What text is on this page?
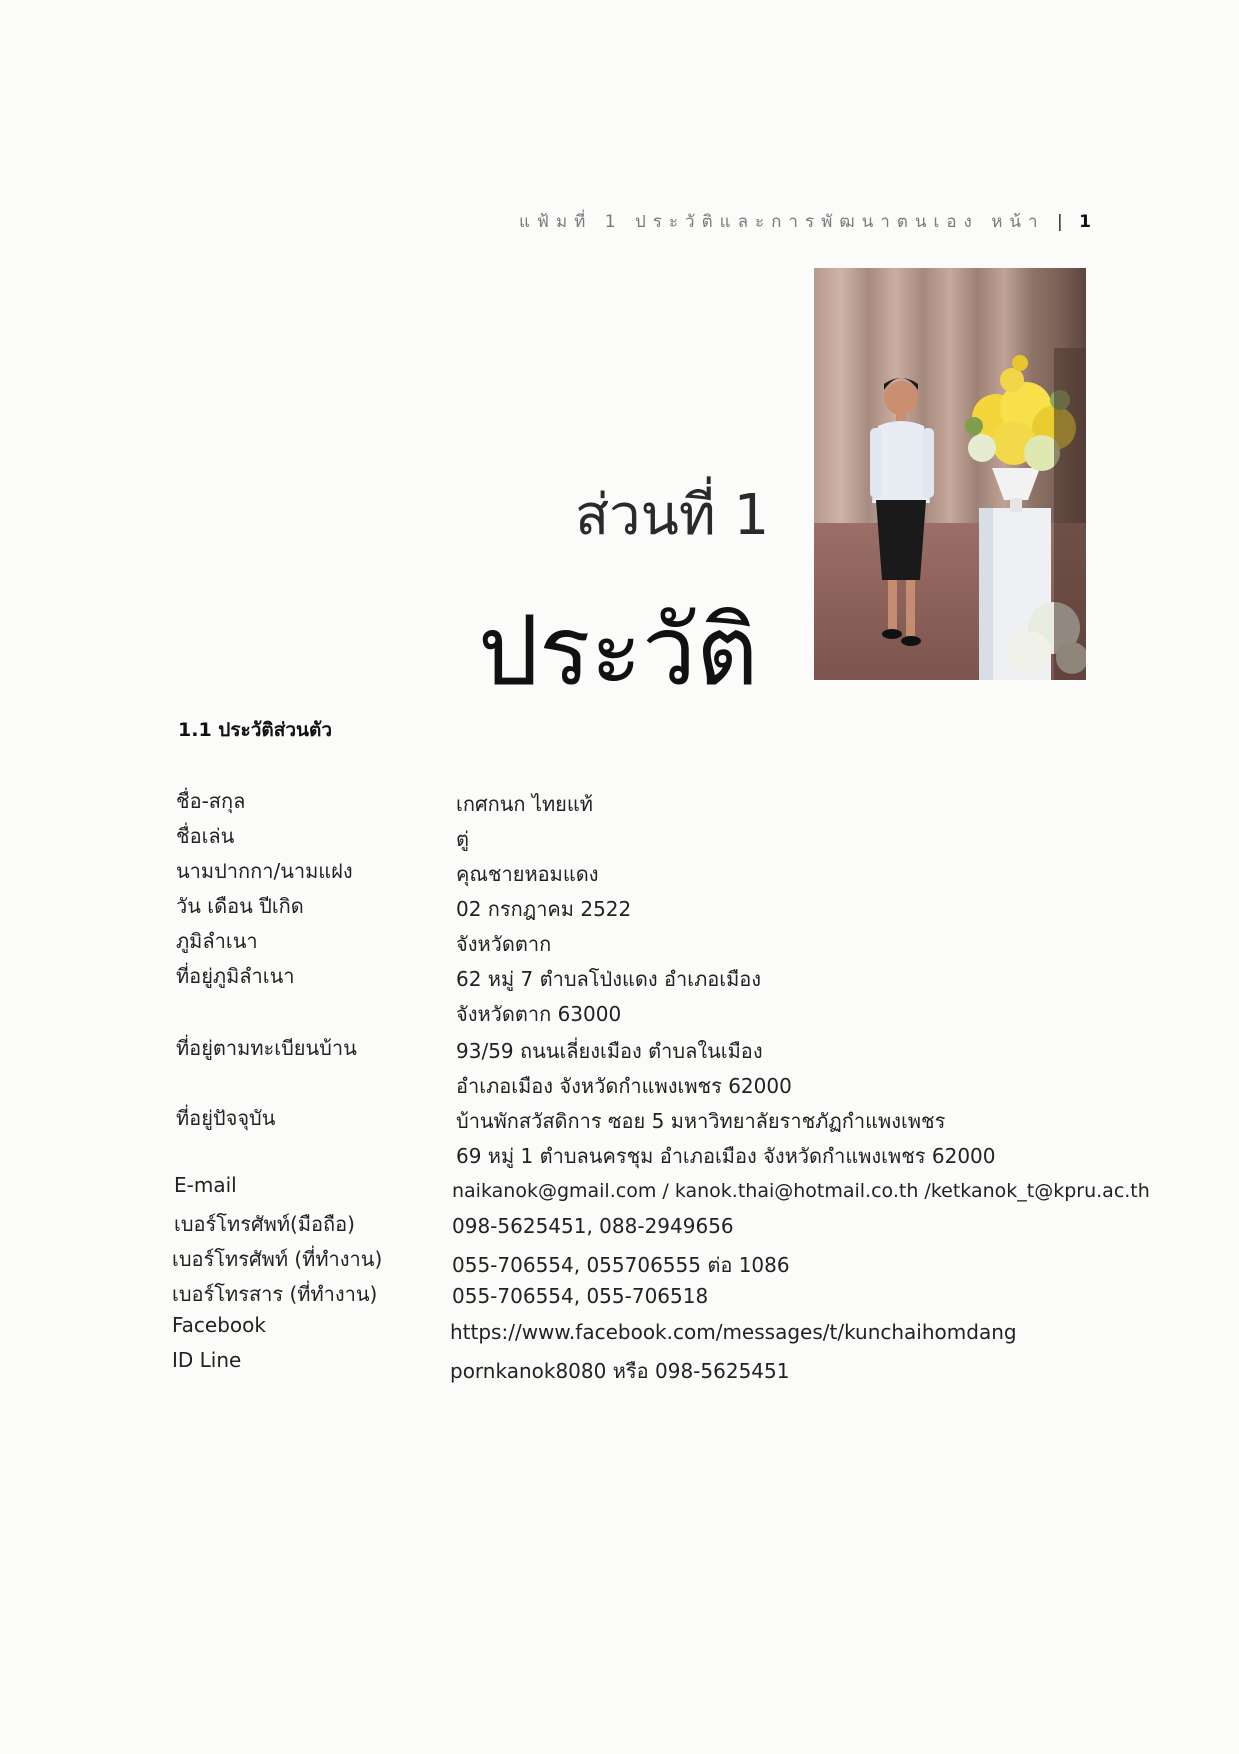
แฟ้มที่ 1 ประวัติและการพัฒนาตนเอง หน้า | 1
ส่วนที่ 1
ประวัติ
1.1 ประวัติส่วนตัว
ชื่อ-สกุล	เกศกนก ไทยแท้
ชื่อเล่น	ตู่
นามปากกา/นามแฝง	คุณชายหอมแดง
วัน เดือน ปีเกิด	02 กรกฎาคม 2522
ภูมิลำเนา	จังหวัดตาก
ที่อยู่ภูมิลำเนา	62 หมู่ 7 ตำบลโป่งแดง อำเภอเมือง
จังหวัดตาก 63000
ที่อยู่ตามทะเบียนบ้าน	93/59 ถนนเลี่ยงเมือง ตำบลในเมือง
อำเภอเมือง จังหวัดกำแพงเพชร 62000
ที่อยู่ปัจจุบัน	บ้านพักสวัสดิการ ซอย 5 มหาวิทยาลัยราชภัฏกำแพงเพชร
69 หมู่ 1 ตำบลนครชุม อำเภอเมือง จังหวัดกำแพงเพชร 62000
E-mail	naikanok@gmail.com / kanok.thai@hotmail.co.th /ketkanok_t@kpru.ac.th
เบอร์โทรศัพท์(มือถือ)	098-5625451, 088-2949656
เบอร์โทรศัพท์ (ที่ทำงาน)	055-706554, 055706555 ต่อ 1086
เบอร์โทรสาร (ที่ทำงาน)	055-706554, 055-706518
Facebook	https://www.facebook.com/messages/t/kunchaihomdang
ID Line	pornkanok8080 หรือ 098-5625451
